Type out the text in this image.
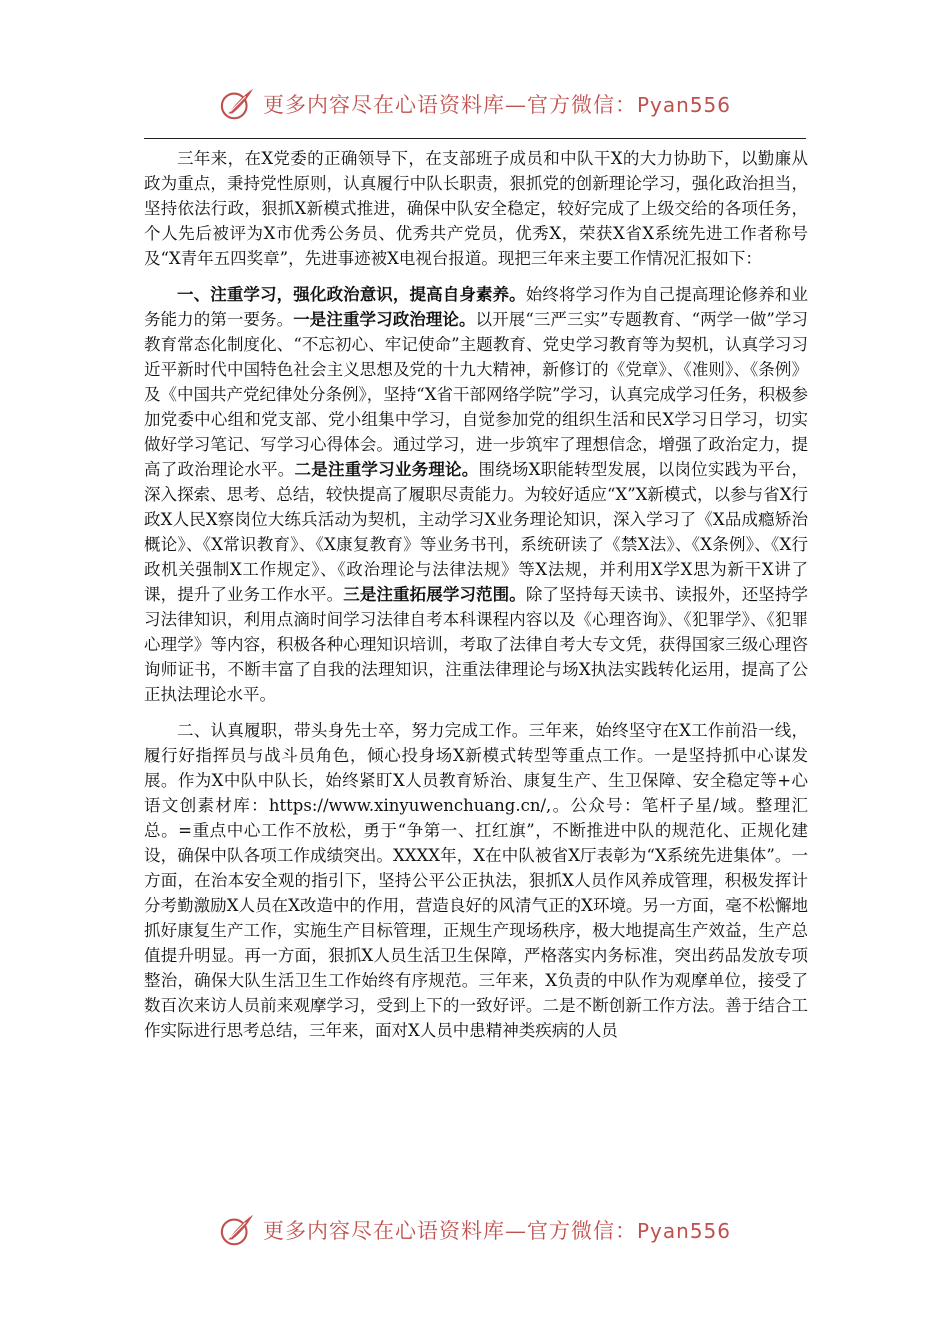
更多内容尽在心语资料库—官方微信：Pyan556

三年来，在X党委的正确领导下，在支部班子成员和中队干X的大力协助下，以勤廉从政为重点，秉持党性原则，认真履行中队长职责，狠抓党的创新理论学习，强化政治担当，坚持依法行政，狠抓X新模式推进，确保中队安全稳定，较好完成了上级交给的各项任务，个人先后被评为X市优秀公务员、优秀共产党员，优秀X，荣获X省X系统先进工作者称号及“X青年五四奖章”，先进事迹被X电视台报道。现把三年来主要工作情况汇报如下：

一、注重学习，强化政治意识，提高自身素养。始终将学习作为自己提高理论修养和业务能力的第一要务。一是注重学习政治理论。以开展“三严三实”专题教育、“两学一做”学习教育常态化制度化、“不忘初心、牢记使命”主题教育、党史学习教育等为契机，认真学习习近平新时代中国特色社会主义思想及党的十九大精神，新修订的《党章》、《准则》、《条例》及《中国共产党纪律处分条例》，坚持“X省干部网络学院”学习，认真完成学习任务，积极参加党委中心组和党支部、党小组集中学习，自觉参加党的组织生活和民X学习日学习，切实做好学习笔记、写学习心得体会。通过学习，进一步筑牢了理想信念，增强了政治定力，提高了政治理论水平。二是注重学习业务理论。围绕场X职能转型发展，以岗位实践为平台，深入探索、思考、总结，较快提高了履职尽责能力。为较好适应“X”X新模式，以参与省X行政X人民X察岗位大练兵活动为契机，主动学习X业务理论知识，深入学习了《X品成瘾矫治概论》、《X常识教育》、《X康复教育》等业务书刊，系统研读了《禁X法》、《X条例》、《X行政机关强制X工作规定》、《政治理论与法律法规》等X法规，并利用X学X思为新干X讲了课，提升了业务工作水平。三是注重拓展学习范围。除了坚持每天读书、读报外，还坚持学习法律知识，利用点滴时间学习法律自考本科课程内容以及《心理咨询》、《犯罪学》、《犯罪心理学》等内容，积极各种心理知识培训，考取了法律自考大专文凭，获得国家三级心理咨询师证书，不断丰富了自我的法理知识，注重法律理论与场X执法实践转化运用，提高了公正执法理论水平。

二、认真履职，带头身先士卒，努力完成工作。三年来，始终坚守在X工作前沿一线，履行好指挥员与战斗员角色，倾心投身场X新模式转型等重点工作。一是坚持抓中心谋发展。作为X中队中队长，始终紧盯X人员教育矫治、康复生产、生卫保障、安全稳定等+心语文创素材库：https://www.xinyuwenchuang.cn/,。公众号：笔杆子星/域。整理汇总。=重点中心工作不放松，勇于“争第一、扛红旗”，不断推进中队的规范化、正规化建设，确保中队各项工作成绩突出。XXXX年，X在中队被省X厅表彰为“X系统先进集体”。一方面，在治本安全观的指引下，坚持公平公正执法，狠抓X人员作风养成管理，积极发挥计分考勤激励X人员在X改造中的作用，营造良好的风清气正的X环境。另一方面，毫不松懈地抓好康复生产工作，实施生产目标管理，正规生产现场秩序，极大地提高生产效益，生产总值提升明显。再一方面，狠抓X人员生活卫生保障，严格落实内务标准，突出药品发放专项整治，确保大队生活卫生工作始终有序规范。三年来，X负责的中队作为观摩单位，接受了数百次来访人员前来观摩学习，受到上下的一致好评。二是不断创新工作方法。善于结合工作实际进行思考总结，三年来，面对X人员中患精神类疾病的人员

更多内容尽在心语资料库—官方微信：Pyan556
